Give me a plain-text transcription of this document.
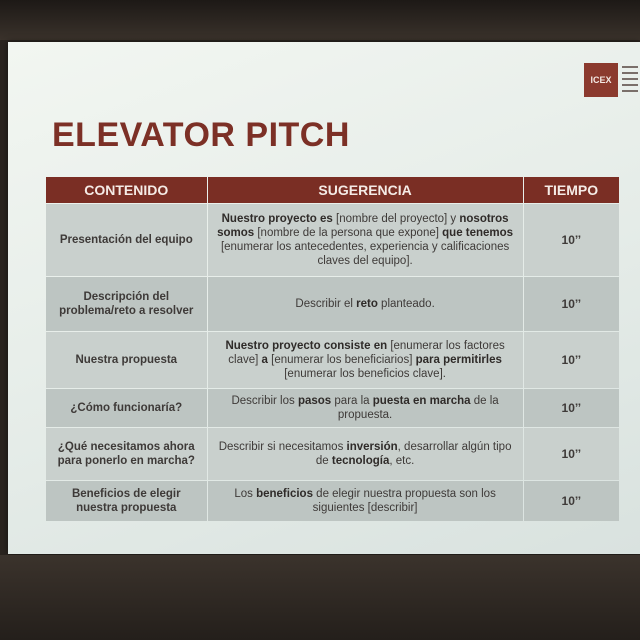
ICEX
ELEVATOR PITCH
CONTENIDO	SUGERENCIA	TIEMPO
Presentación del equipo	Nuestro proyecto es [nombre del proyecto] y nosotros somos [nombre de la persona que expone] que tenemos [enumerar los antecedentes, experiencia y calificaciones claves del equipo].	10’’
Descripción del problema/reto a resolver	Describir el reto planteado.	10’’
Nuestra propuesta	Nuestro proyecto consiste en [enumerar los factores clave] a [enumerar los beneficiarios] para permitirles [enumerar los beneficios clave].	10’’
¿Cómo funcionaría?	Describir los pasos para la puesta en marcha de la propuesta.	10’’
¿Qué necesitamos ahora para ponerlo en marcha?	Describir si necesitamos inversión, desarrollar algún tipo de tecnología, etc.	10’’
Beneficios de elegir nuestra propuesta	Los beneficios de elegir nuestra propuesta son los siguientes [describir]	10’’
